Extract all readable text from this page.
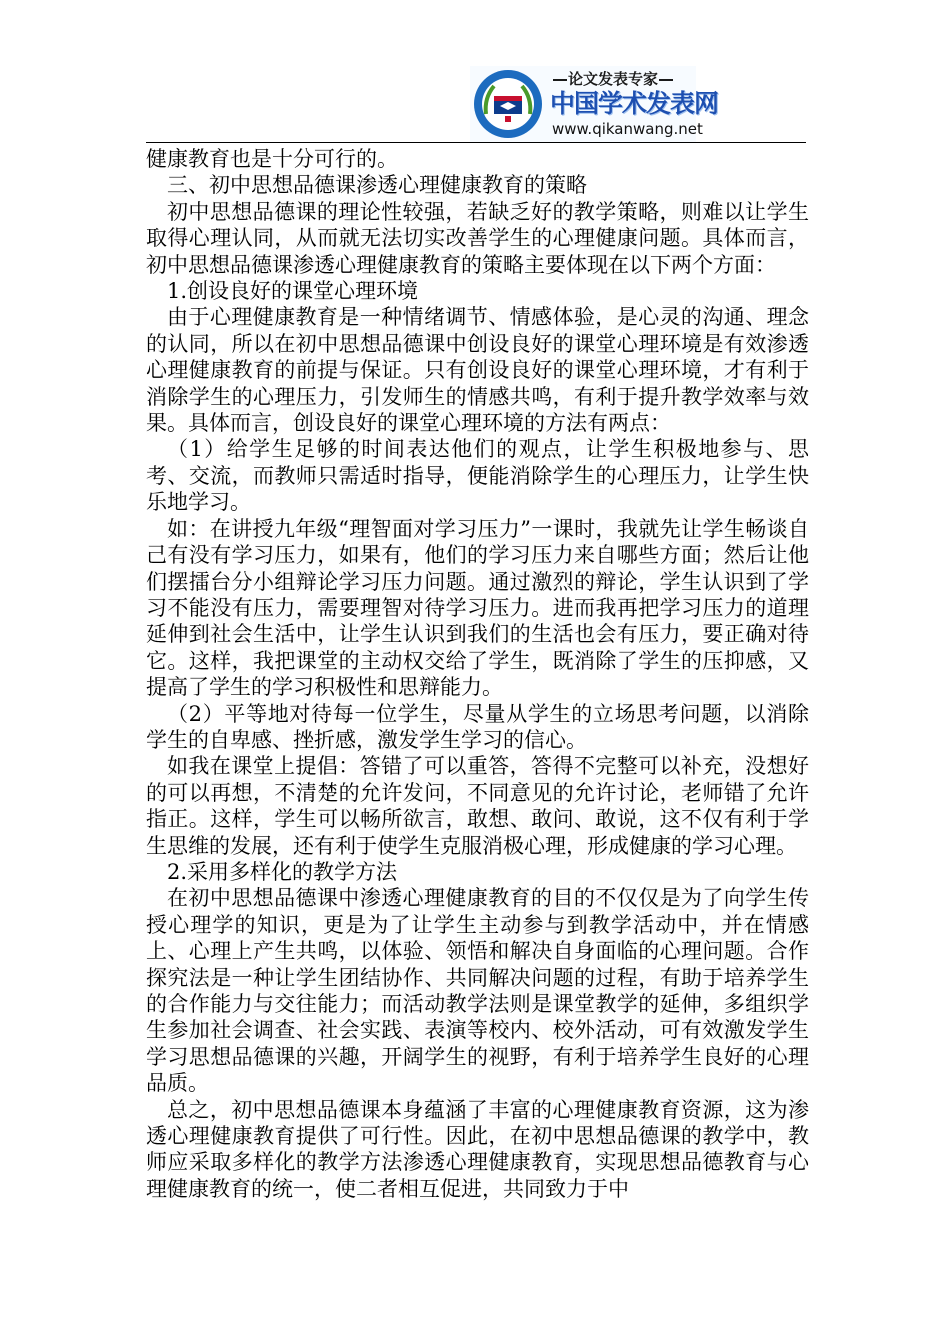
论文发表专家
中国学术发表网
www.qikanwang.net

健康教育也是十分可行的。

三、初中思想品德课渗透心理健康教育的策略

初中思想品德课的理论性较强，若缺乏好的教学策略，则难以让学生取得心理认同，从而就无法切实改善学生的心理健康问题。具体而言，初中思想品德课渗透心理健康教育的策略主要体现在以下两个方面：

1.创设良好的课堂心理环境

由于心理健康教育是一种情绪调节、情感体验，是心灵的沟通、理念的认同，所以在初中思想品德课中创设良好的课堂心理环境是有效渗透心理健康教育的前提与保证。只有创设良好的课堂心理环境，才有利于消除学生的心理压力，引发师生的情感共鸣，有利于提升教学效率与效果。具体而言，创设良好的课堂心理环境的方法有两点：

（1）给学生足够的时间表达他们的观点，让学生积极地参与、思考、交流，而教师只需适时指导，便能消除学生的心理压力，让学生快乐地学习。

如：在讲授九年级“理智面对学习压力”一课时，我就先让学生畅谈自己有没有学习压力，如果有，他们的学习压力来自哪些方面；然后让他们摆擂台分小组辩论学习压力问题。通过激烈的辩论，学生认识到了学习不能没有压力，需要理智对待学习压力。进而我再把学习压力的道理延伸到社会生活中，让学生认识到我们的生活也会有压力，要正确对待它。这样，我把课堂的主动权交给了学生，既消除了学生的压抑感，又提高了学生的学习积极性和思辩能力。

（2）平等地对待每一位学生，尽量从学生的立场思考问题，以消除学生的自卑感、挫折感，激发学生学习的信心。

如我在课堂上提倡：答错了可以重答，答得不完整可以补充，没想好的可以再想，不清楚的允许发问，不同意见的允许讨论，老师错了允许指正。这样，学生可以畅所欲言，敢想、敢问、敢说，这不仅有利于学生思维的发展，还有利于使学生克服消极心理，形成健康的学习心理。

2.采用多样化的教学方法

在初中思想品德课中渗透心理健康教育的目的不仅仅是为了向学生传授心理学的知识，更是为了让学生主动参与到教学活动中，并在情感上、心理上产生共鸣，以体验、领悟和解决自身面临的心理问题。合作探究法是一种让学生团结协作、共同解决问题的过程，有助于培养学生的合作能力与交往能力；而活动教学法则是课堂教学的延伸，多组织学生参加社会调查、社会实践、表演等校内、校外活动，可有效激发学生学习思想品德课的兴趣，开阔学生的视野，有利于培养学生良好的心理品质。

总之，初中思想品德课本身蕴涵了丰富的心理健康教育资源，这为渗透心理健康教育提供了可行性。因此，在初中思想品德课的教学中，教师应采取多样化的教学方法渗透心理健康教育，实现思想品德教育与心理健康教育的统一，使二者相互促进，共同致力于中
